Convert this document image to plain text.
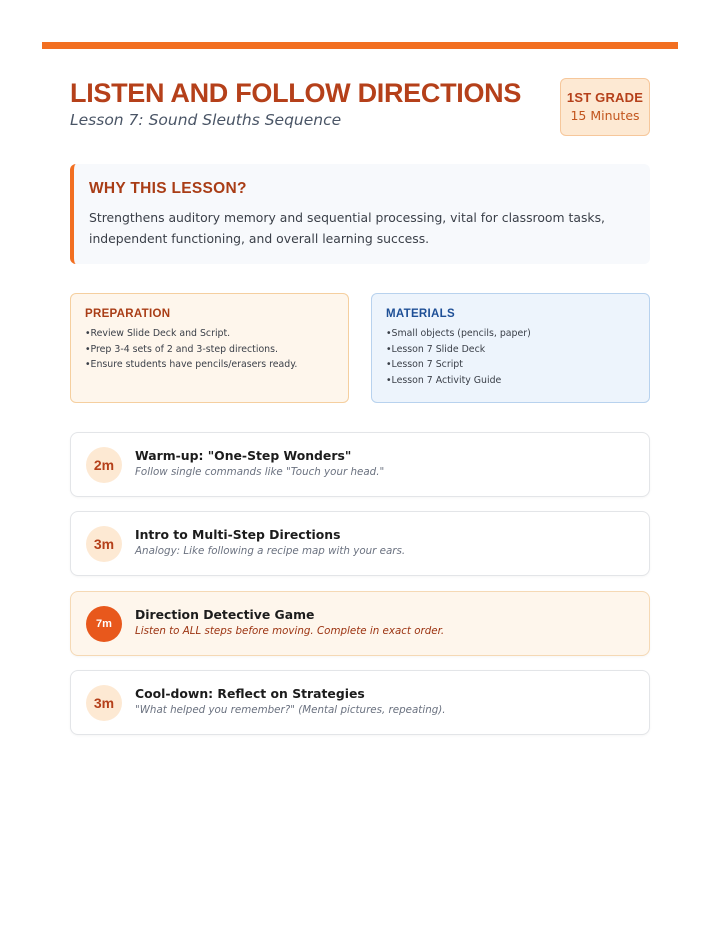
LISTEN AND FOLLOW DIRECTIONS
Lesson 7: Sound Sleuths Sequence
1ST GRADE
15 Minutes
WHY THIS LESSON?

Strengthens auditory memory and sequential processing, vital for classroom tasks, independent functioning, and overall learning success.

PREPARATION
• Review Slide Deck and Script.
• Prep 3-4 sets of 2 and 3-step directions.
• Ensure students have pencils/erasers ready.
MATERIALS
• Small objects (pencils, paper)
• Lesson 7 Slide Deck
• Lesson 7 Script
• Lesson 7 Activity Guide
2m
Warm-up: "One-Step Wonders"
Follow single commands like "Touch your head."
3m
Intro to Multi-Step Directions
Analogy: Like following a recipe map with your ears.
7m
Direction Detective Game
Listen to ALL steps before moving. Complete in exact order.
3m
Cool-down: Reflect on Strategies
"What helped you remember?" (Mental pictures, repeating).
